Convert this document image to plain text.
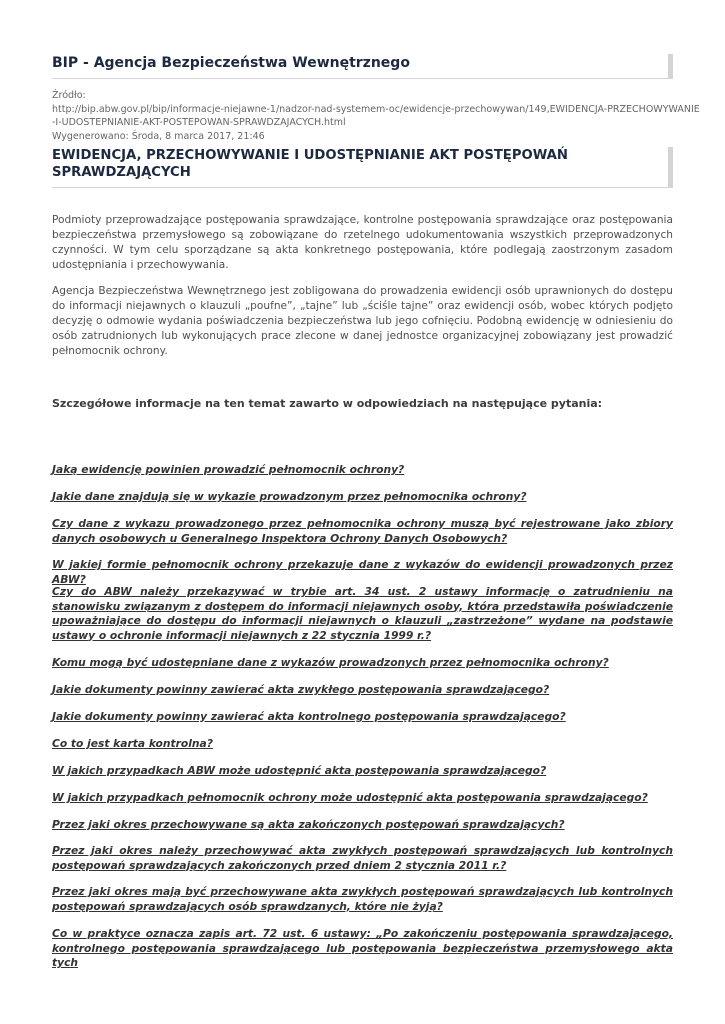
BIP - Agencja Bezpieczeństwa Wewnętrznego
Źródło:
http://bip.abw.gov.pl/bip/informacje-niejawne-1/nadzor-nad-systemem-oc/ewidencje-przechowywan/149,EWIDENCJA-PRZECHOWYWANIE
-I-UDOSTEPNIANIE-AKT-POSTEPOWAN-SPRAWDZAJACYCH.html
Wygenerowano: Środa, 8 marca 2017, 21:46
EWIDENCJA, PRZECHOWYWANIE I UDOSTĘPNIANIE AKT POSTĘPOWAŃ SPRAWDZAJĄCYCH

Podmioty przeprowadzające postępowania sprawdzające, kontrolne postępowania sprawdzające oraz postępowania bezpieczeństwa przemysłowego są zobowiązane do rzetelnego udokumentowania wszystkich przeprowadzonych czynności. W tym celu sporządzane są akta konkretnego postępowania, które podlegają zaostrzonym zasadom udostępniania i przechowywania.

Agencja Bezpieczeństwa Wewnętrznego jest zobligowana do prowadzenia ewidencji osób uprawnionych do dostępu do informacji niejawnych o klauzuli „poufne”, „tajne” lub „ściśle tajne” oraz ewidencji osób, wobec których podjęto decyzję o odmowie wydania poświadczenia bezpieczeństwa lub jego cofnięciu. Podobną ewidencję w odniesieniu do osób zatrudnionych lub wykonujących prace zlecone w danej jednostce organizacyjnej zobowiązany jest prowadzić pełnomocnik ochrony.

Szczegółowe informacje na ten temat zawarto w odpowiedziach na następujące pytania:
Jaką ewidencję powinien prowadzić pełnomocnik ochrony?
Jakie dane znajdują się w wykazie prowadzonym przez pełnomocnika ochrony?
Czy dane z wykazu prowadzonego przez pełnomocnika ochrony muszą być rejestrowane jako zbiory danych osobowych u Generalnego Inspektora Ochrony Danych Osobowych?
W jakiej formie pełnomocnik ochrony przekazuje dane z wykazów do ewidencji prowadzonych przez ABW?
Czy do ABW należy przekazywać w trybie art. 34 ust. 2 ustawy informację o zatrudnieniu na stanowisku związanym z dostępem do informacji niejawnych osoby, która przedstawiła poświadczenie upoważniające do dostępu do informacji niejawnych o klauzuli „zastrzeżone” wydane na podstawie ustawy o ochronie informacji niejawnych z 22 stycznia 1999 r.?
Komu mogą być udostępniane dane z wykazów prowadzonych przez pełnomocnika ochrony?
Jakie dokumenty powinny zawierać akta zwykłego postępowania sprawdzającego?
Jakie dokumenty powinny zawierać akta kontrolnego postępowania sprawdzającego?
Co to jest karta kontrolna?
W jakich przypadkach ABW może udostępnić akta postępowania sprawdzającego?
W jakich przypadkach pełnomocnik ochrony może udostępnić akta postępowania sprawdzającego?
Przez jaki okres przechowywane są akta zakończonych postępowań sprawdzających?
Przez jaki okres należy przechowywać akta zwykłych postępowań sprawdzających lub kontrolnych postępowań sprawdzających zakończonych przed dniem 2 stycznia 2011 r.?
Przez jaki okres mają być przechowywane akta zwykłych postępowań sprawdzających lub kontrolnych postępowań sprawdzających osób sprawdzanych, które nie żyją?
Co w praktyce oznacza zapis art. 72 ust. 6 ustawy: „Po zakończeniu postępowania sprawdzającego, kontrolnego postępowania sprawdzającego lub postępowania bezpieczeństwa przemysłowego akta tych
